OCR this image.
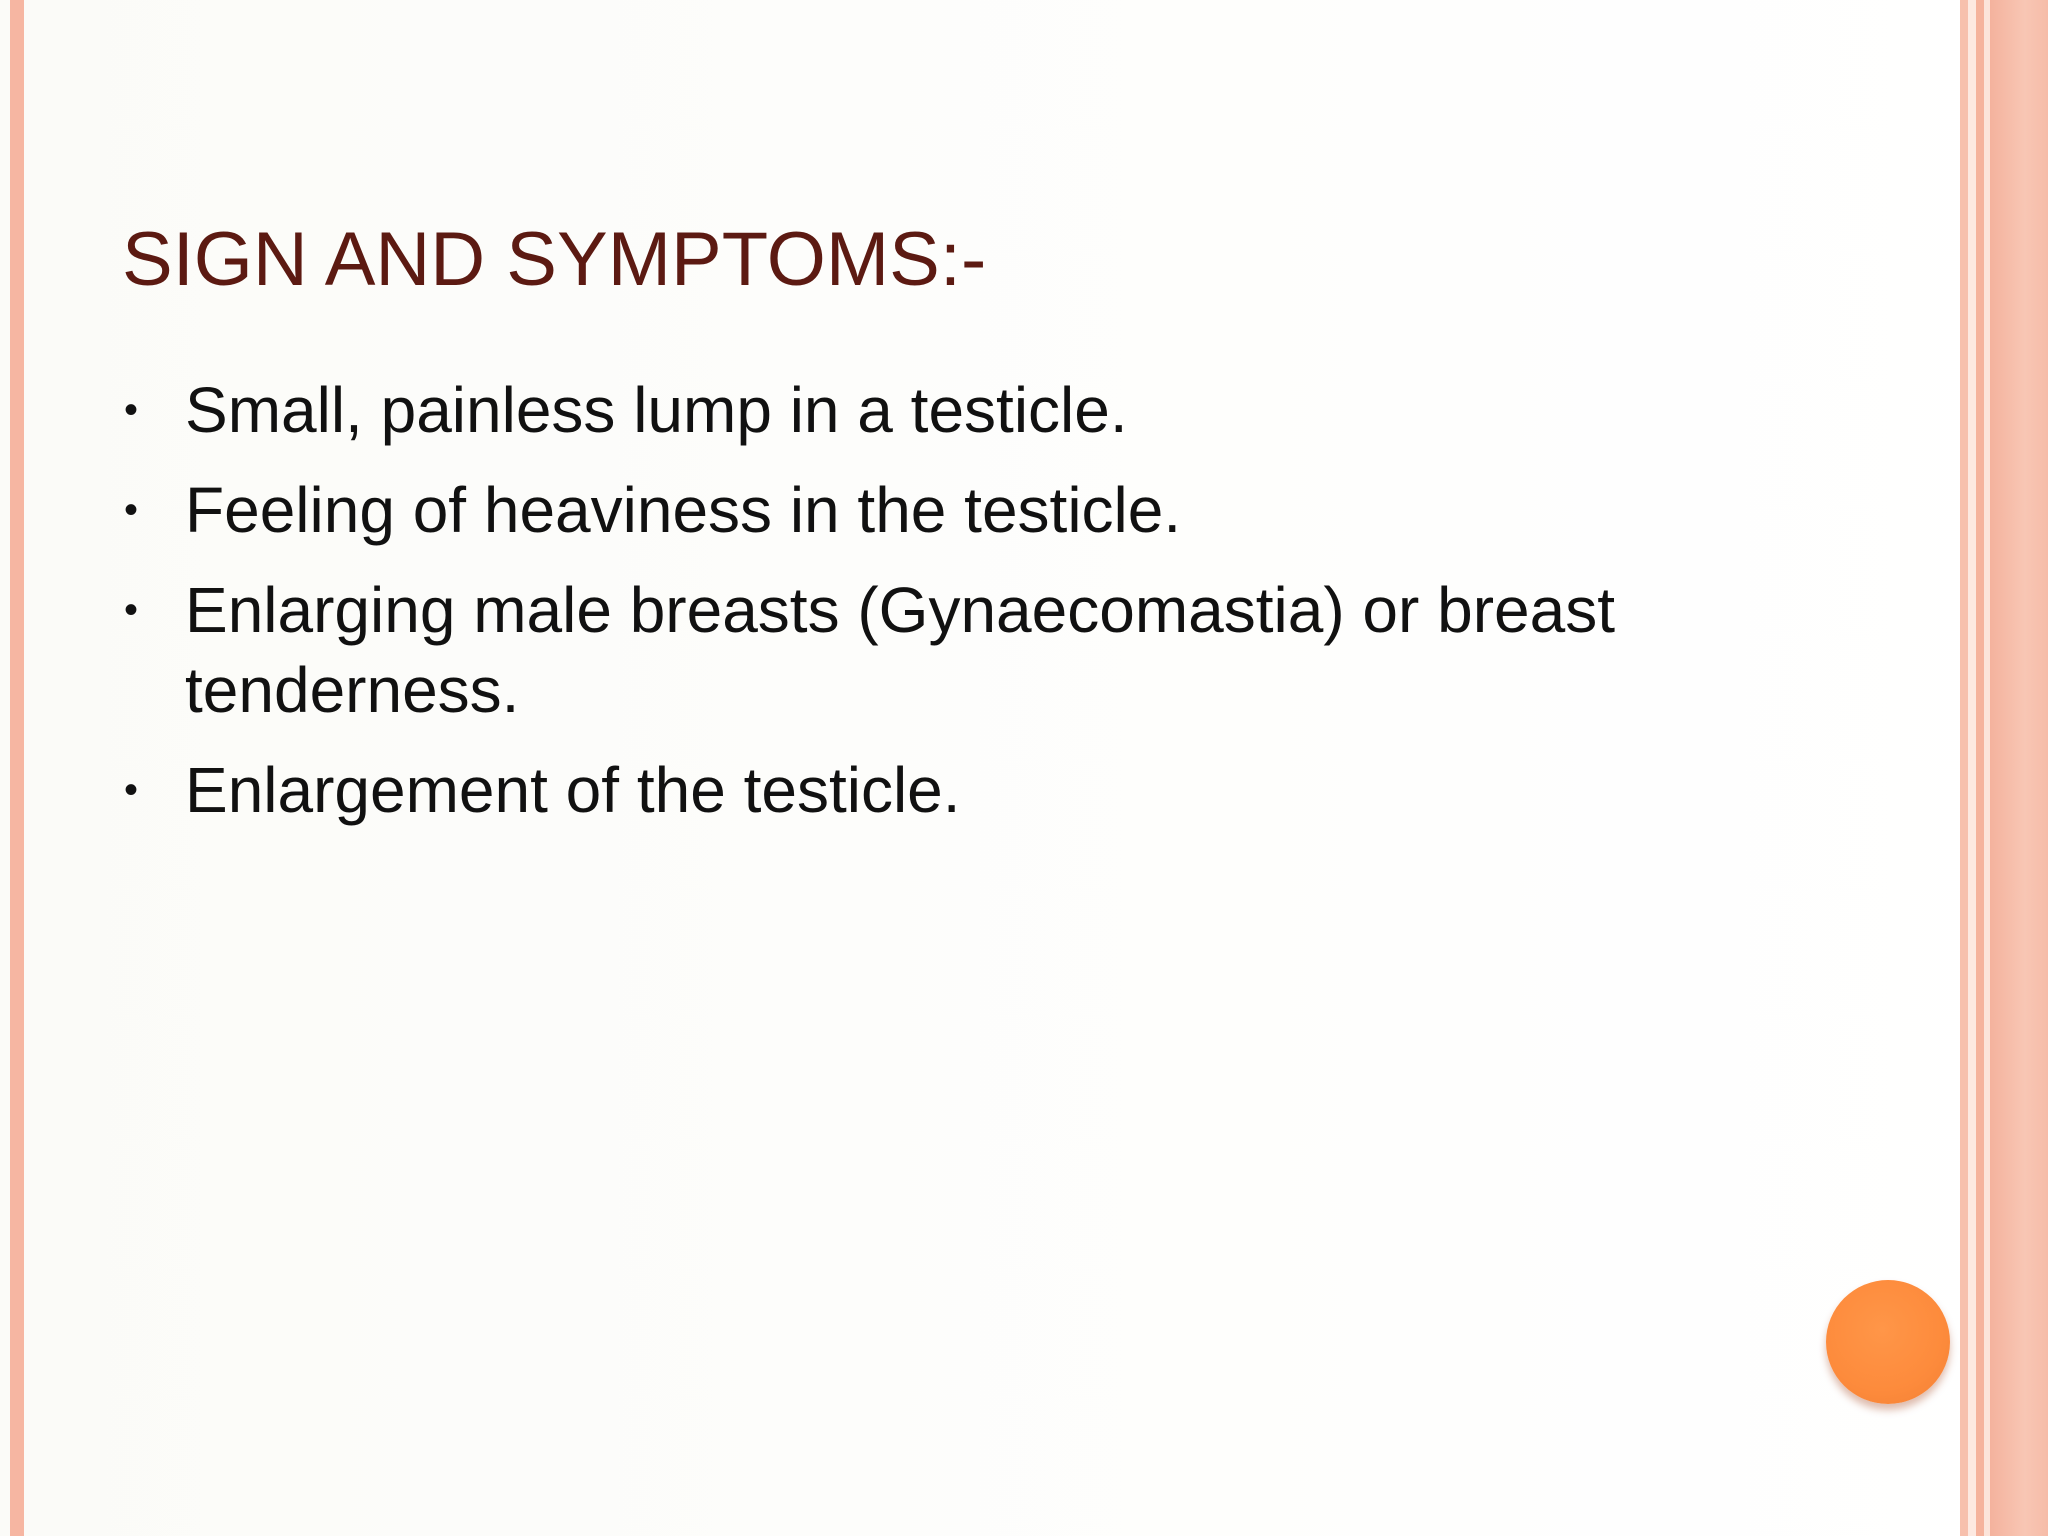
SIGN AND SYMPTOMS:-
• Small, painless lump in a testicle.
• Feeling of heaviness in the testicle.
• Enlarging male breasts (Gynaecomastia) or breast tenderness.
• Enlargement of the testicle.
